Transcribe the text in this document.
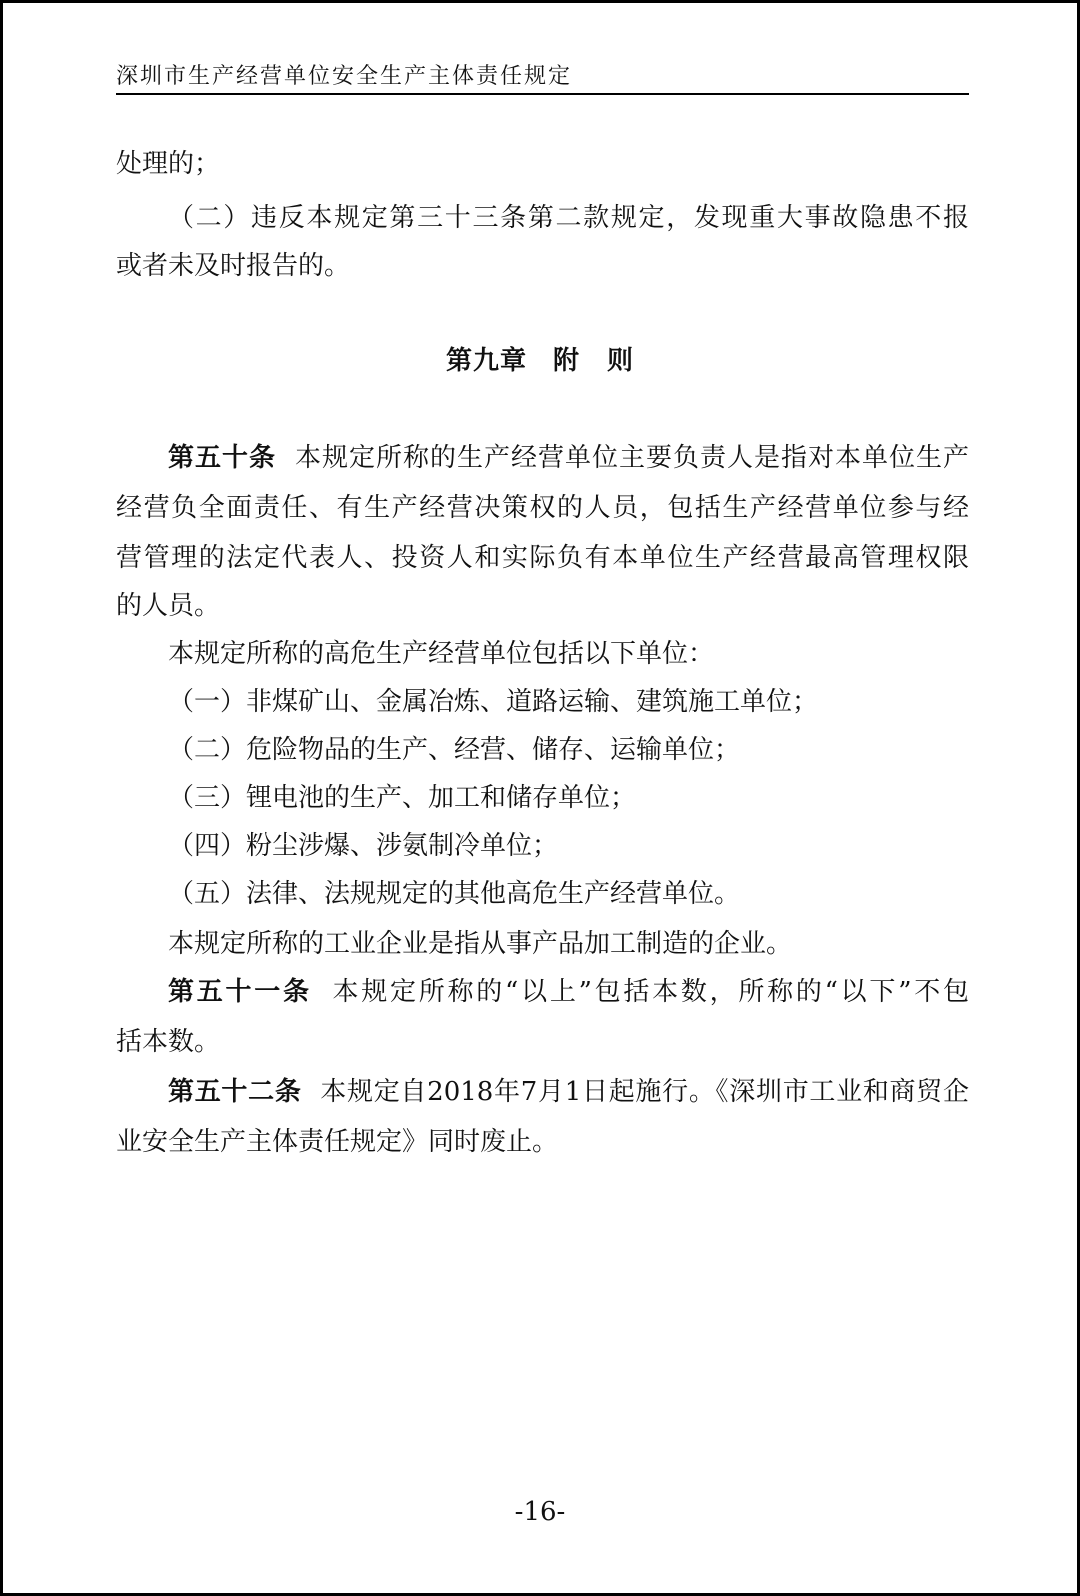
深圳市生产经营单位安全生产主体责任规定
处理的；
（二）违反本规定第三十三条第二款规定，发现重大事故隐患不报
或者未及时报告的。
第九章 附　则
第五十条 本规定所称的生产经营单位主要负责人是指对本单位生产
经营负全面责任、有生产经营决策权的人员，包括生产经营单位参与经
营管理的法定代表人、投资人和实际负有本单位生产经营最高管理权限
的人员。
本规定所称的高危生产经营单位包括以下单位：
（一）非煤矿山、金属冶炼、道路运输、建筑施工单位；
（二）危险物品的生产、经营、储存、运输单位；
（三）锂电池的生产、加工和储存单位；
（四）粉尘涉爆、涉氨制冷单位；
（五）法律、法规规定的其他高危生产经营单位。
本规定所称的工业企业是指从事产品加工制造的企业。
第五十一条 本规定所称的“以上”包括本数，所称的“以下”不包
括本数。
第五十二条 本规定自2018年7月1日起施行。《深圳市工业和商贸企
业安全生产主体责任规定》同时废止。
-16-
